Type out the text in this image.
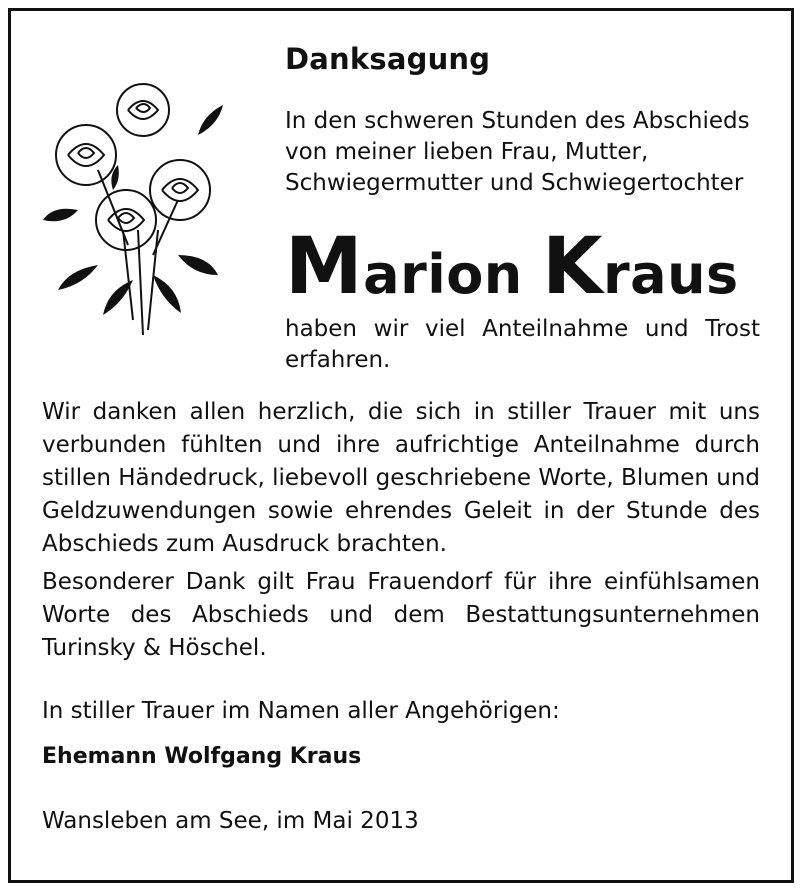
Danksagung
In den schweren Stunden des Abschieds von meiner lieben Frau, Mutter, Schwiegermutter und Schwiegertochter
Marion Kraus
haben wir viel Anteilnahme und Trost erfahren.
Wir danken allen herzlich, die sich in stiller Trauer mit uns verbunden fühlten und ihre aufrichtige Anteilnahme durch stillen Händedruck, liebevoll geschriebene Worte, Blumen und Geldzuwendungen sowie ehrendes Geleit in der Stunde des Abschieds zum Ausdruck brachten.
Besonderer Dank gilt Frau Frauendorf für ihre einfühlsamen Worte des Abschieds und dem Bestattungsunternehmen Turinsky & Höschel.
In stiller Trauer im Namen aller Angehörigen:
Ehemann Wolfgang Kraus
Wansleben am See, im Mai 2013
